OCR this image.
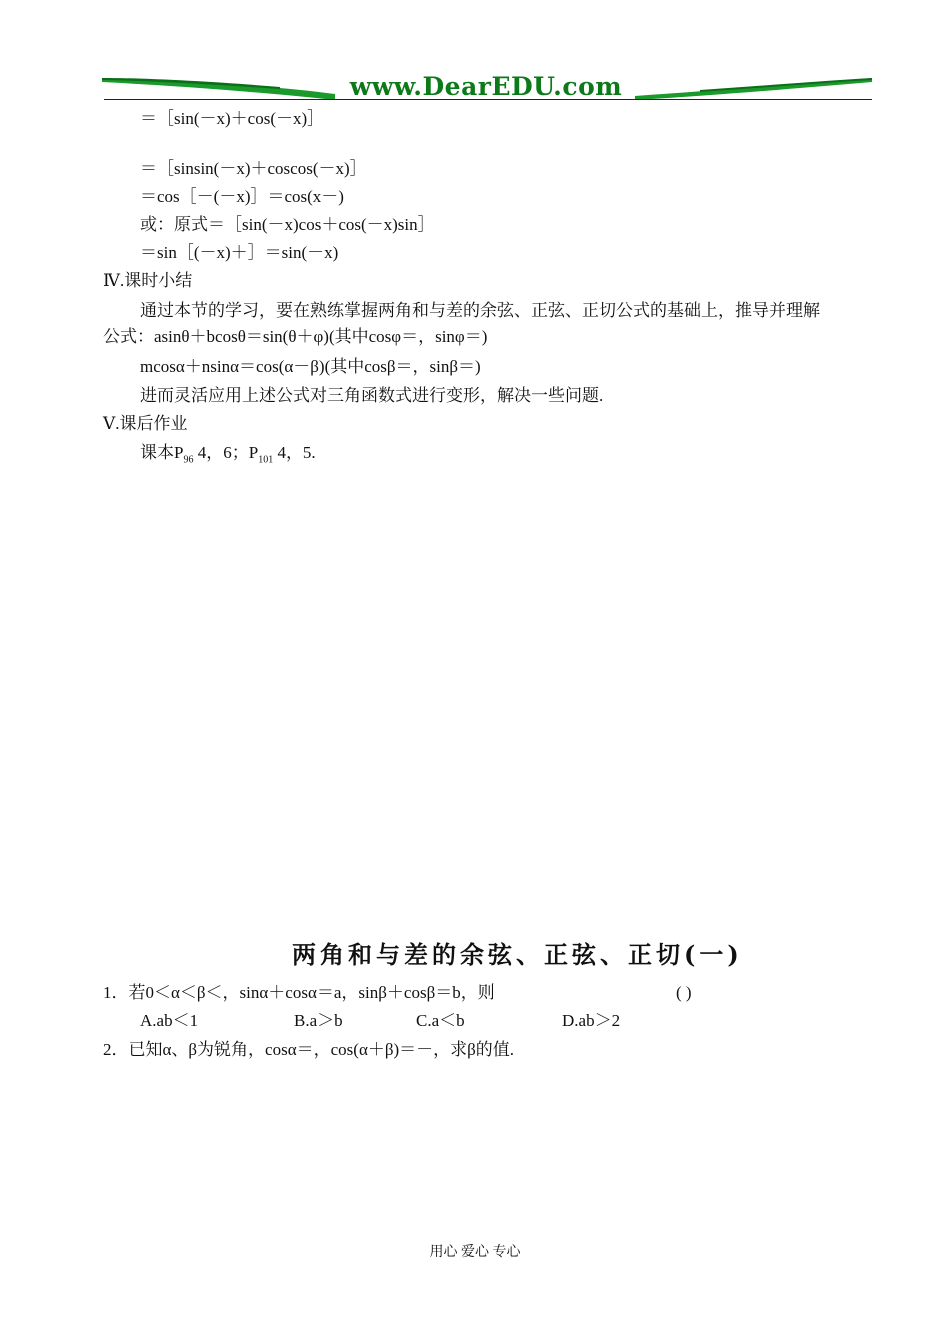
www.DearEDU.com
＝［sin(－x)＋cos(－x)］
＝［sinsin(－x)＋coscos(－x)］
＝cos［－(－x)］＝cos(x－)
或：原式＝［sin(－x)cos＋cos(－x)sin］
＝sin［(－x)＋］＝sin(－x)
Ⅳ.课时小结
通过本节的学习，要在熟练掌握两角和与差的余弦、正弦、正切公式的基础上，推导并理解
公式：asinθ＋bcosθ＝sin(θ＋φ)(其中cosφ＝，sinφ＝)
mcosα＋nsinα＝cos(α－β)(其中cosβ＝，sinβ＝)
进而灵活应用上述公式对三角函数式进行变形，解决一些问题.
Ⅴ.课后作业
课本$P_{96}$ 4，6；$P_{101}$ 4，5.
两角和与差的余弦、正弦、正切(一)
1．若0＜α＜β＜，sinα＋cosα＝a，sinβ＋cosβ＝b，则	( )
A.ab＜1	B.a＞b	C.a＜b	D.ab＞2
2．已知α、β为锐角，cosα＝，cos(α＋β)＝－，求β的值.
用心 爱心 专心
